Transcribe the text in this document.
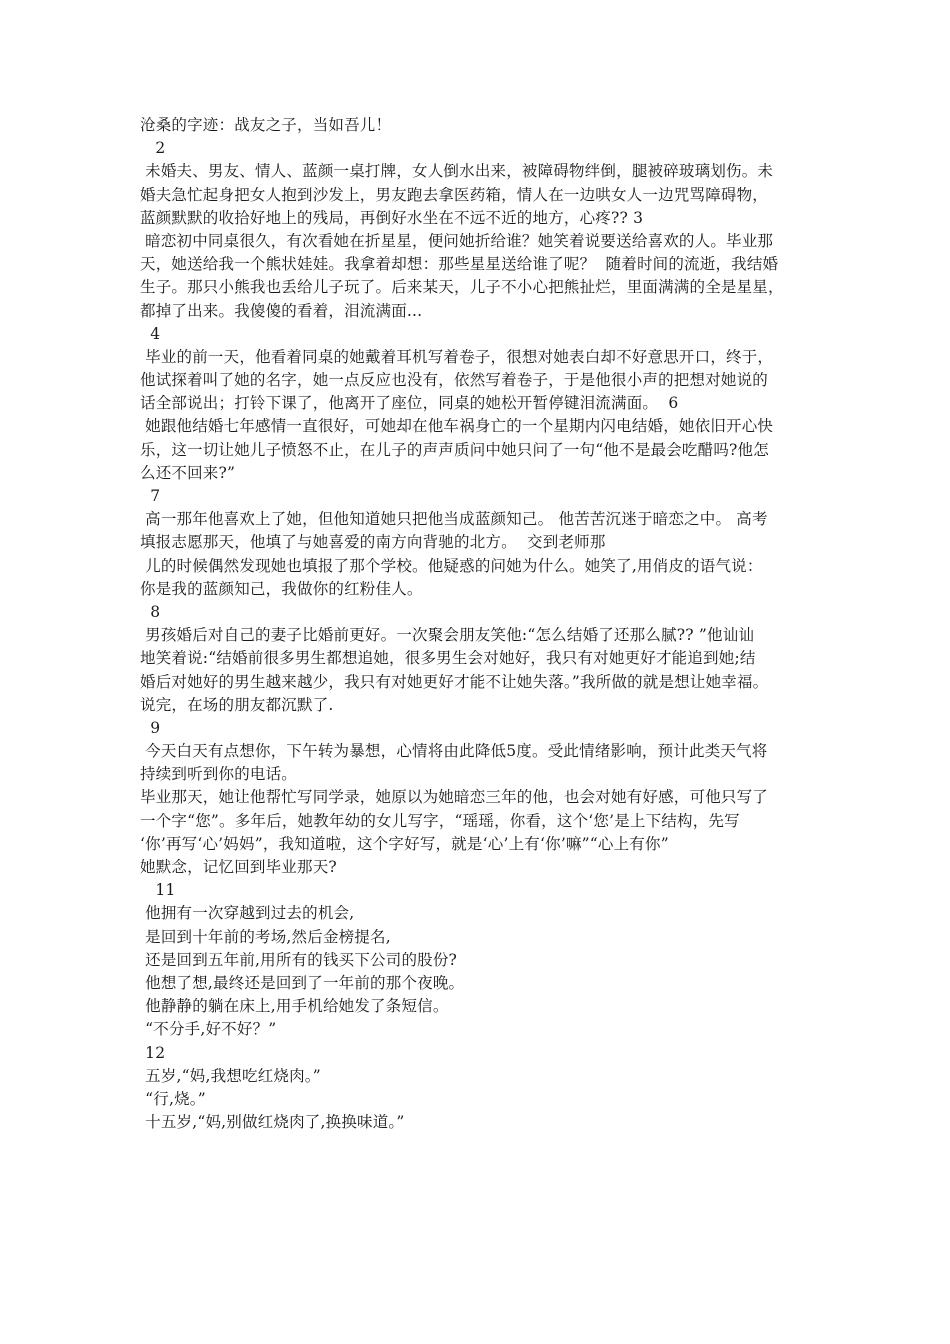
沧桑的字迹：战友之子，当如吾儿！
2
未婚夫、男友、情人、蓝颜一桌打牌，女人倒水出来，被障碍物绊倒，腿被碎玻璃划伤。未
婚夫急忙起身把女人抱到沙发上，男友跑去拿医药箱，情人在一边哄女人一边咒骂障碍物，
蓝颜默默的收拾好地上的残局，再倒好水坐在不远不近的地方，心疼?? 3
暗恋初中同桌很久，有次看她在折星星，便问她折给谁？她笑着说要送给喜欢的人。毕业那
天，她送给我一个熊状娃娃。我拿着却想：那些星星送给谁了呢？  随着时间的流逝，我结婚
生子。那只小熊我也丢给儿子玩了。后来某天，儿子不小心把熊扯烂，里面满满的全是星星，
都掉了出来。我傻傻的看着，泪流满面...
4
毕业的前一天，他看着同桌的她戴着耳机写着卷子，很想对她表白却不好意思开口，终于，
他试探着叫了她的名字，她一点反应也没有，依然写着卷子，于是他很小声的把想对她说的
话全部说出；打铃下课了，他离开了座位，同桌的她松开暂停键泪流满面。  6
她跟他结婚七年感情一直很好，可她却在他车祸身亡的一个星期内闪电结婚，她依旧开心快
乐，这一切让她儿子愤怒不止，在儿子的声声质问中她只问了一句“他不是最会吃醋吗?他怎
么还不回来?”
7
高一那年他喜欢上了她，但他知道她只把他当成蓝颜知己。 他苦苦沉迷于暗恋之中。 高考
填报志愿那天，他填了与她喜爱的南方向背驰的北方。  交到老师那
儿的时候偶然发现她也填报了那个学校。他疑惑的问她为什么。她笑了,用俏皮的语气说：
你是我的蓝颜知己，我做你的红粉佳人。
8
男孩婚后对自己的妻子比婚前更好。一次聚会朋友笑他:“怎么结婚了还那么腻?? ”他讪讪
地笑着说:“结婚前很多男生都想追她，很多男生会对她好，我只有对她更好才能追到她;结
婚后对她好的男生越来越少，我只有对她更好才能不让她失落。”我所做的就是想让她幸福。
说完，在场的朋友都沉默了.
9
今天白天有点想你，下午转为暴想，心情将由此降低5度。受此情绪影响，预计此类天气将
持续到听到你的电话。
毕业那天，她让他帮忙写同学录，她原以为她暗恋三年的他，也会对她有好感，可他只写了
一个字“您”。多年后，她教年幼的女儿写字，“瑶瑶，你看，这个‘您’是上下结构，先写
‘你’再写‘心’妈妈”，我知道啦，这个字好写，就是‘心’上有‘你’嘛”“心上有你”
她默念，记忆回到毕业那天?
11
他拥有一次穿越到过去的机会,
是回到十年前的考场,然后金榜提名,
还是回到五年前,用所有的钱买下公司的股份?
他想了想,最终还是回到了一年前的那个夜晚。
他静静的躺在床上,用手机给她发了条短信。
“不分手,好不好？”
12
五岁,“妈,我想吃红烧肉。”
“行,烧。”
十五岁,“妈,别做红烧肉了,换换味道。”
